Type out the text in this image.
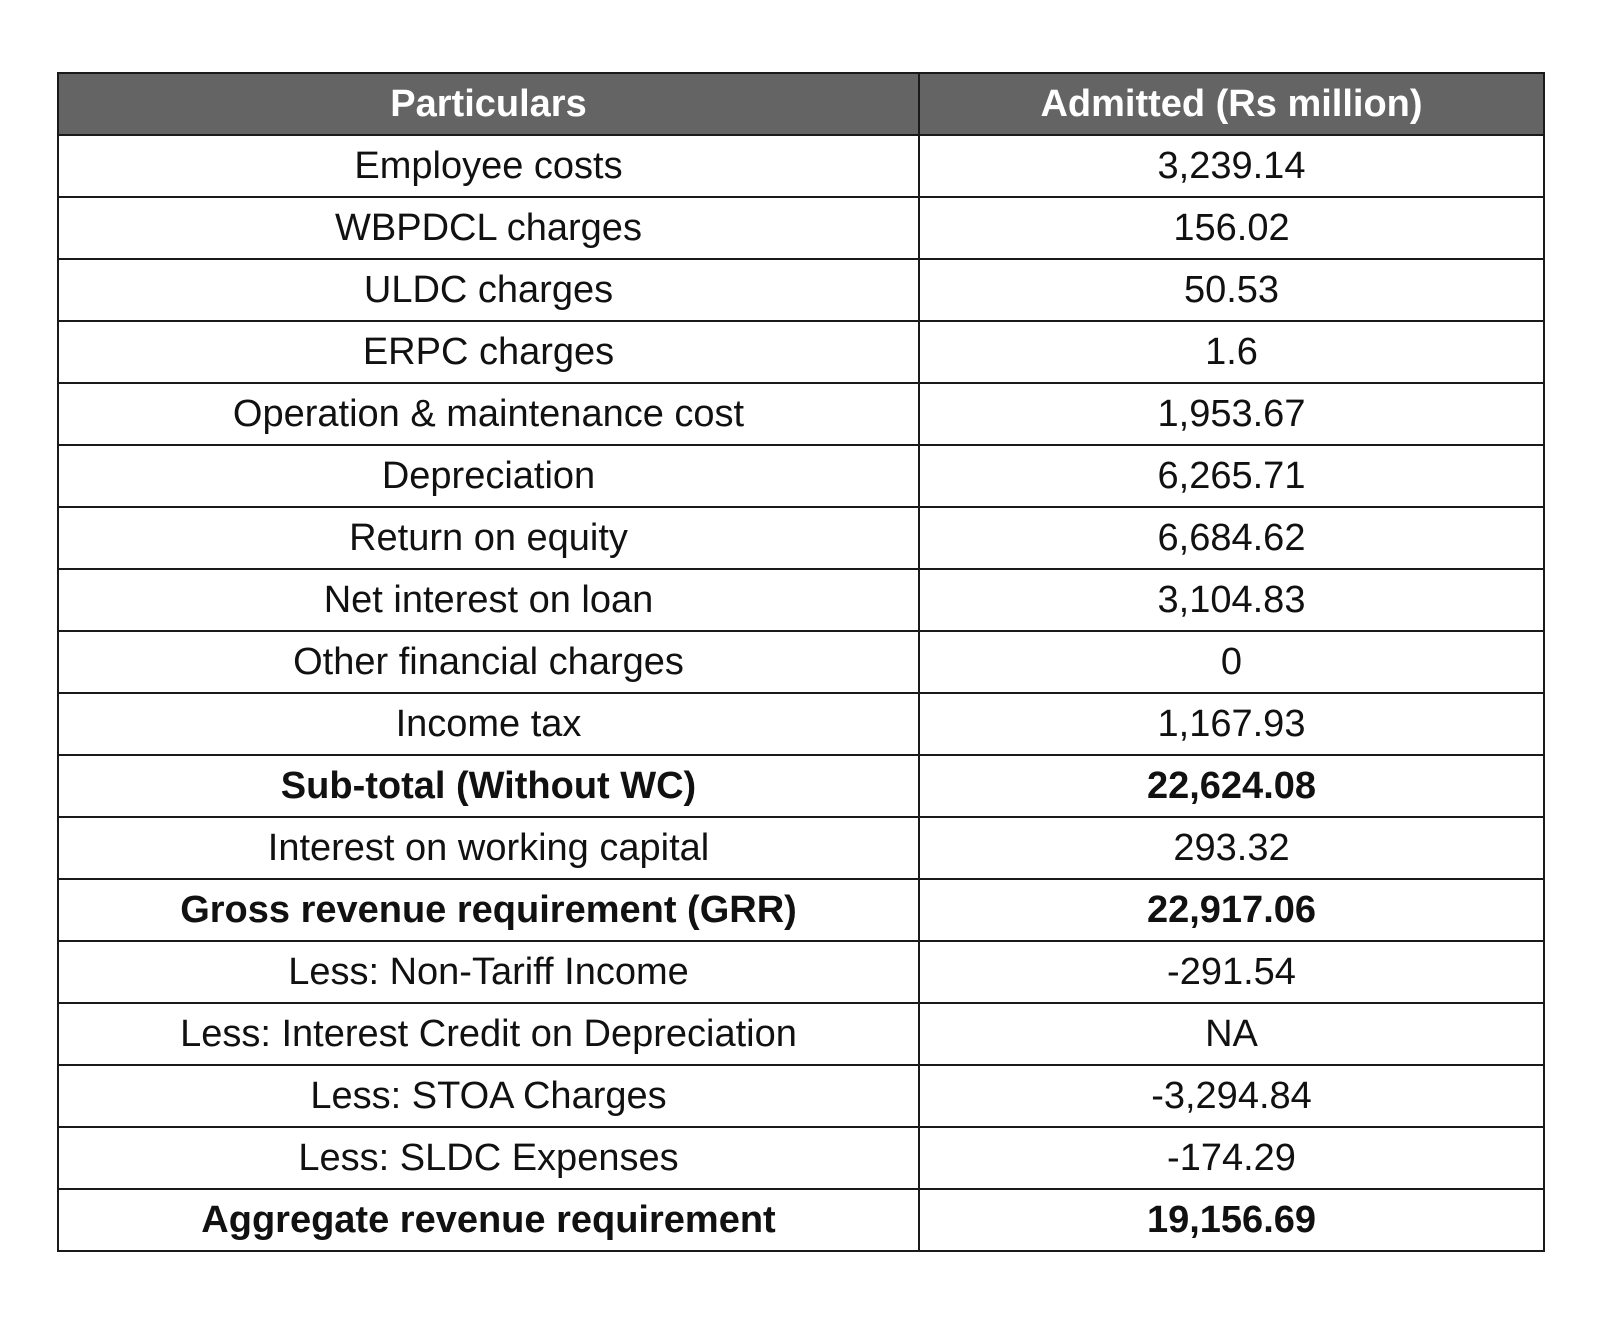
Particulars	Admitted (Rs million)
Employee costs	3,239.14
WBPDCL charges	156.02
ULDC charges	50.53
ERPC charges	1.6
Operation & maintenance cost	1,953.67
Depreciation	6,265.71
Return on equity	6,684.62
Net interest on loan	3,104.83
Other financial charges	0
Income tax	1,167.93
Sub-total (Without WC)	22,624.08
Interest on working capital	293.32
Gross revenue requirement (GRR)	22,917.06
Less: Non-Tariff Income	-291.54
Less: Interest Credit on Depreciation	NA
Less: STOA Charges	-3,294.84
Less: SLDC Expenses	-174.29
Aggregate revenue requirement	19,156.69
